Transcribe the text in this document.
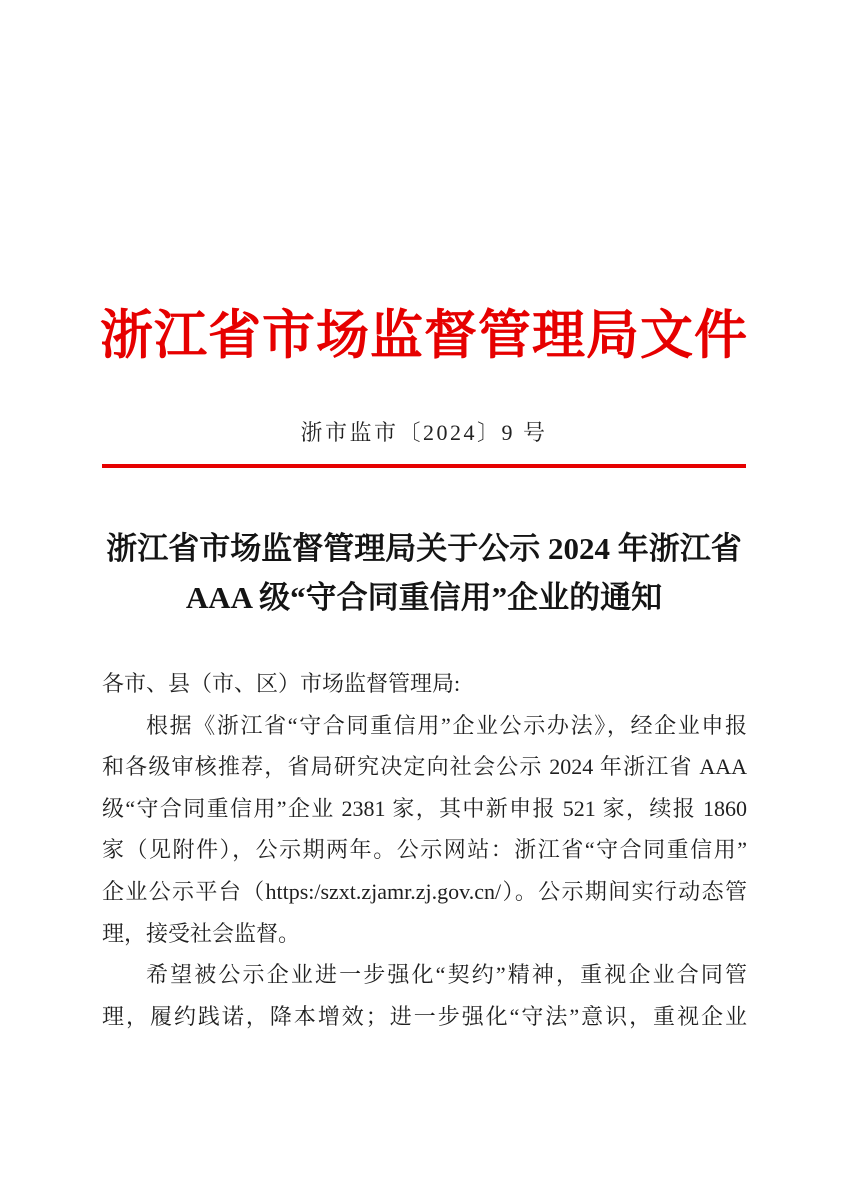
浙江省市场监督管理局文件
浙市监市〔2024〕9 号
浙江省市场监督管理局关于公示 2024 年浙江省
AAA 级“守合同重信用”企业的通知
各市、县（市、区）市场监督管理局:
根据《浙江省“守合同重信用”企业公示办法》，经企业申报
和各级审核推荐，省局研究决定向社会公示 2024 年浙江省 AAA
级“守合同重信用”企业 2381 家，其中新申报 521 家，续报 1860
家（见附件），公示期两年。公示网站：浙江省“守合同重信用”
企业公示平台（https:/szxt.zjamr.zj.gov.cn/）。公示期间实行动态管
理，接受社会监督。
希望被公示企业进一步强化“契约”精神，重视企业合同管
理，履约践诺，降本增效；进一步强化“守法”意识，重视企业
